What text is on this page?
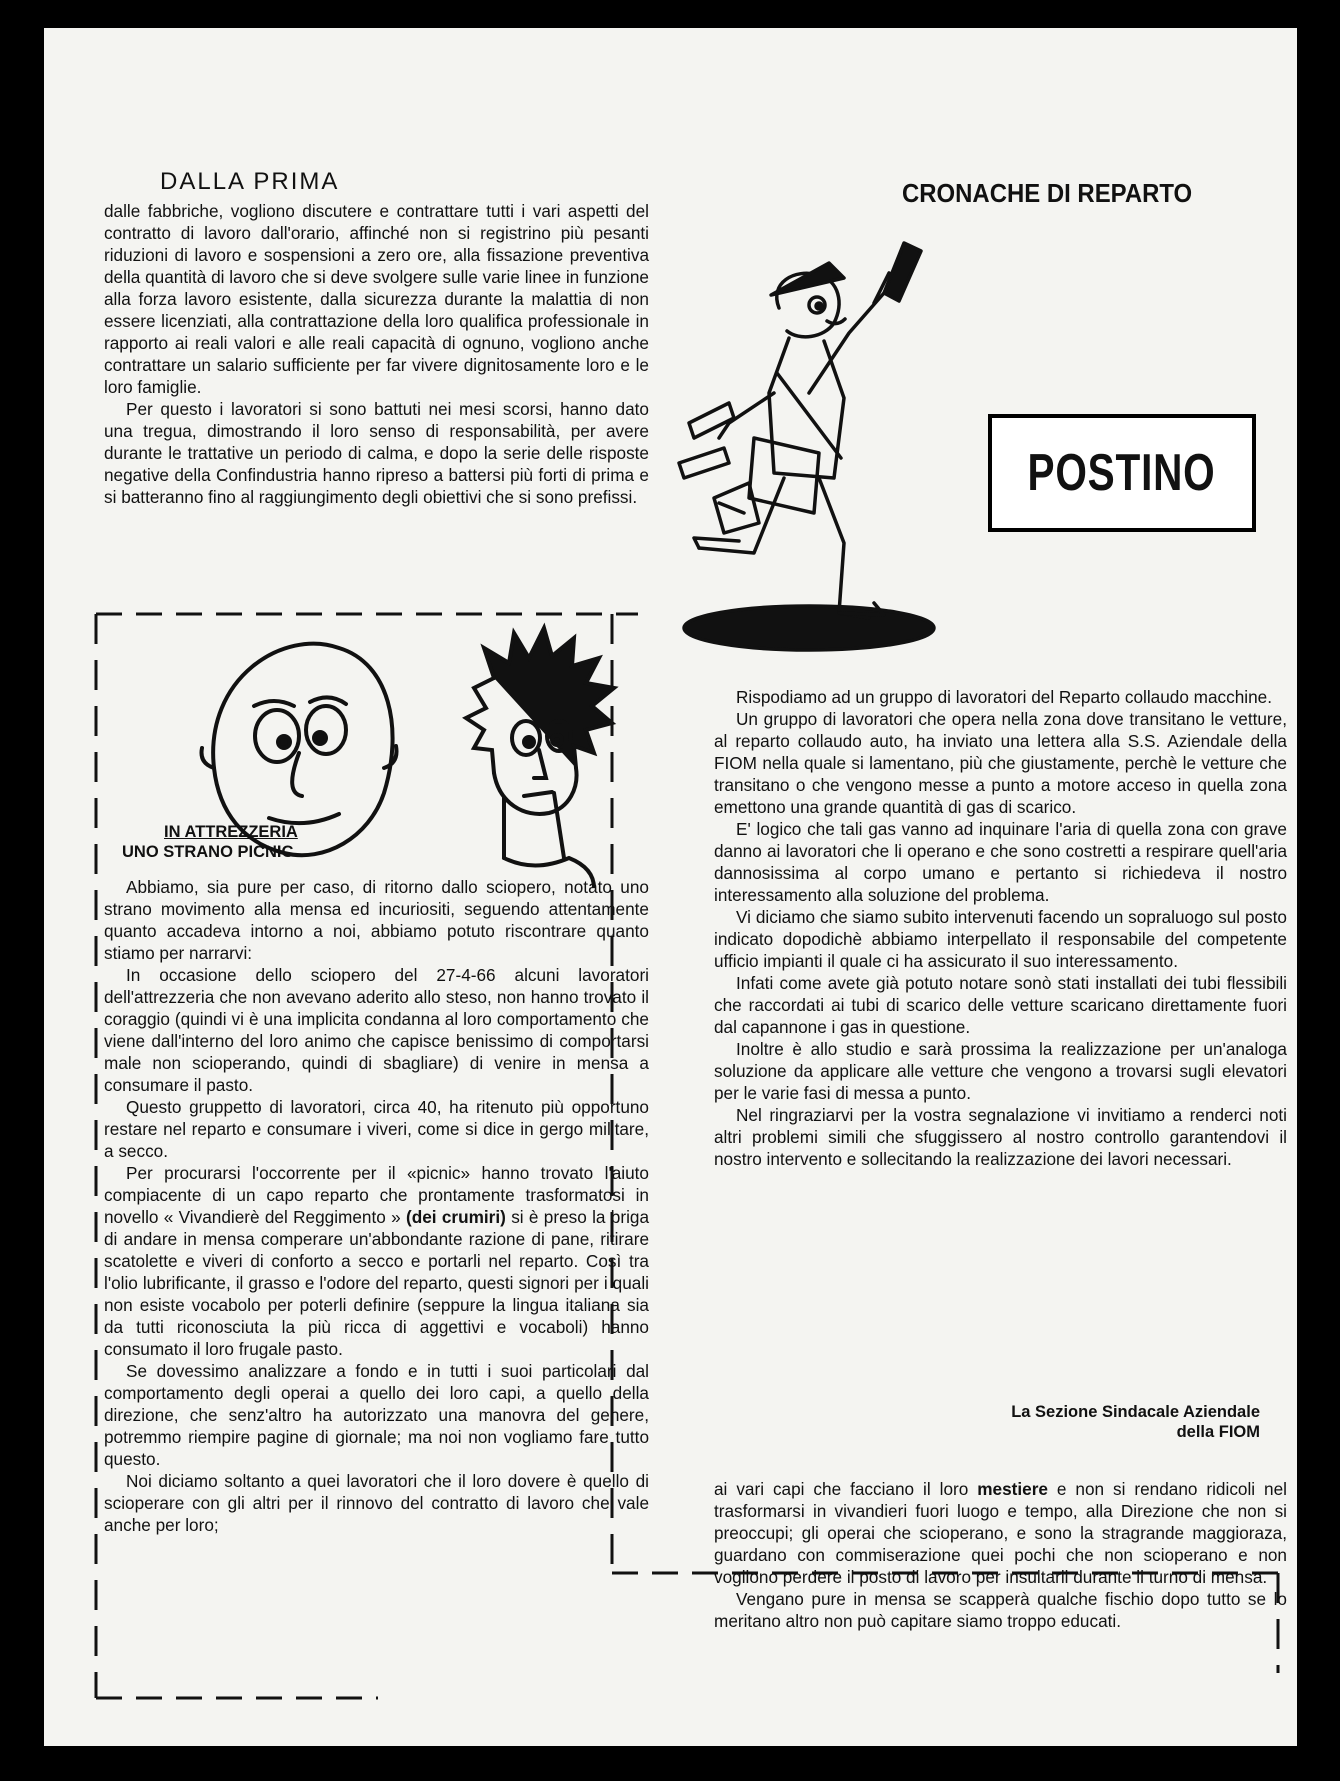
DALLA PRIMA

dalle fabbriche, vogliono discutere e contrattare tutti i vari aspetti del contratto di lavoro dall'orario, affinché non si registrino più pesanti riduzioni di lavoro e sospensioni a zero ore, alla fissazione preventiva della quantità di lavoro che si deve svolgere sulle varie linee in funzione alla forza lavoro esistente, dalla sicurezza durante la malattia di non essere licenziati, alla contrattazione della loro qualifica professionale in rapporto ai reali valori e alle reali capacità di ognuno, vogliono anche contrattare un salario sufficiente per far vivere dignitosamente loro e le loro famiglie.

Per questo i lavoratori si sono battuti nei mesi scorsi, hanno dato una tregua, dimostrando il loro senso di responsabilità, per avere durante le trattative un periodo di calma, e dopo la serie delle risposte negative della Confindustria hanno ripreso a battersi più forti di prima e si batteranno fino al raggiungimento degli obiettivi che si sono prefissi.

IN ATTREZZERIA
UNO STRANO PICNIC

Abbiamo, sia pure per caso, di ritorno dallo sciopero, notato uno strano movimento alla mensa ed incuriositi, seguendo attentamente quanto accadeva intorno a noi, abbiamo potuto riscontrare quanto stiamo per narrarvi:

In occasione dello sciopero del 27-4-66 alcuni lavoratori dell'attrezzeria che non avevano aderito allo steso, non hanno trovato il coraggio (quindi vi è una implicita condanna al loro comportamento che viene dall'interno del loro animo che capisce benissimo di comportarsi male non scioperando, quindi di sbagliare) di venire in mensa a consumare il pasto.

Questo gruppetto di lavoratori, circa 40, ha ritenuto più opportuno restare nel reparto e consumare i viveri, come si dice in gergo militare, a secco.

Per procurarsi l'occorrente per il «picnic» hanno trovato l'aiuto compiacente di un capo reparto che prontamente trasformatosi in novello « Vivandierè del Reggimento » (dei crumiri) si è preso la briga di andare in mensa comperare un'abbondante razione di pane, ritirare scatolette e viveri di conforto a secco e portarli nel reparto. Così tra l'olio lubrificante, il grasso e l'odore del reparto, questi signori per i quali non esiste vocabolo per poterli definire (seppure la lingua italiana sia da tutti riconosciuta la più ricca di aggettivi e vocaboli) hanno consumato il loro frugale pasto.

Se dovessimo analizzare a fondo e in tutti i suoi particolari dal comportamento degli operai a quello dei loro capi, a quello della direzione, che senz'altro ha autorizzato una manovra del genere, potremmo riempire pagine di giornale; ma noi non vogliamo fare tutto questo.

Noi diciamo soltanto a quei lavoratori che il loro dovere è quello di scioperare con gli altri per il rinnovo del contratto di lavoro che vale anche per loro;

CRONACHE DI REPARTO
POSTINO

Rispodiamo ad un gruppo di lavoratori del Reparto collaudo macchine.

Un gruppo di lavoratori che opera nella zona dove transitano le vetture, al reparto collaudo auto, ha inviato una lettera alla S.S. Aziendale della FIOM nella quale si lamentano, più che giustamente, perchè le vetture che transitano o che vengono messe a punto a motore acceso in quella zona emettono una grande quantità di gas di scarico.

E' logico che tali gas vanno ad inquinare l'aria di quella zona con grave danno ai lavoratori che li operano e che sono costretti a respirare quell'aria dannosissima al corpo umano e pertanto si richiedeva il nostro interessamento alla soluzione del problema.

Vi diciamo che siamo subito intervenuti facendo un sopraluogo sul posto indicato dopodichè abbiamo interpellato il responsabile del competente ufficio impianti il quale ci ha assicurato il suo interessamento.

Infati come avete già potuto notare sonò stati installati dei tubi flessibili che raccordati ai tubi di scarico delle vetture scaricano direttamente fuori dal capannone i gas in questione.

Inoltre è allo studio e sarà prossima la realizzazione per un'analoga soluzione da applicare alle vetture che vengono a trovarsi sugli elevatori per le varie fasi di messa a punto.

Nel ringraziarvi per la vostra segnalazione vi invitiamo a renderci noti altri problemi simili che sfuggissero al nostro controllo garantendovi il nostro intervento e sollecitando la realizzazione dei lavori necessari.

La Sezione Sindacale Aziendale
della FIOM

ai vari capi che facciano il loro mestiere e non si rendano ridicoli nel trasformarsi in vivandieri fuori luogo e tempo, alla Direzione che non si preoccupi; gli operai che scioperano, e sono la stragrande maggioraza, guardano con commiserazione quei pochi che non scioperano e non vogliono perdere il posto di lavoro per insultarli durante il turno di mensa.

Vengano pure in mensa se scapperà qualche fischio dopo tutto se lo meritano altro non può capitare siamo troppo educati.
